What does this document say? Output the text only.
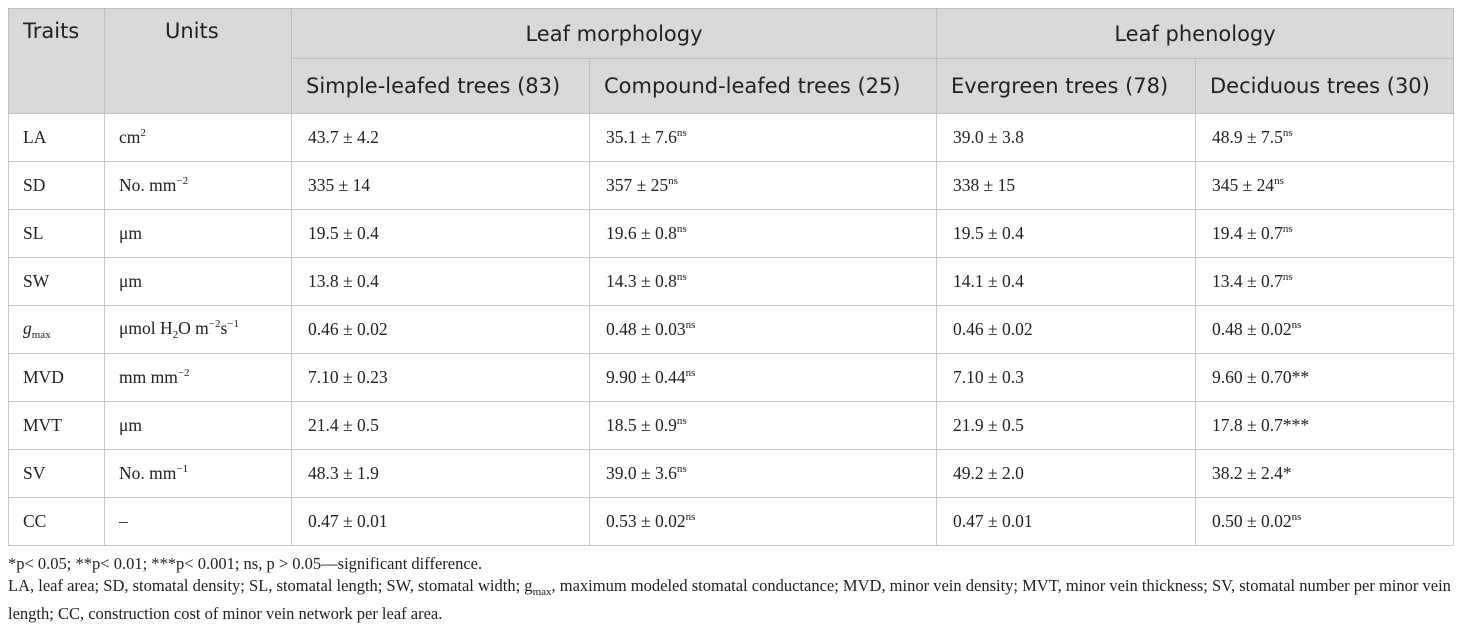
Traits	Units	Leaf morphology		Leaf phenology	
		Simple-leafed trees (83)	Compound-leafed trees (25)	Evergreen trees (78)	Deciduous trees (30)
LA	$cm^2$	43.7 ± 4.2	$35.1 \pm 7.6^{ns}$	39.0 ± 3.8	$48.9 \pm 7.5^{ns}$
SD	No. $mm^{-2}$	335 ± 14	$357 \pm 25^{ns}$	338 ± 15	$345 \pm 24^{ns}$
SL	μm	19.5 ± 0.4	$19.6 \pm 0.8^{ns}$	19.5 ± 0.4	$19.4 \pm 0.7^{ns}$
SW	μm	13.8 ± 0.4	$14.3 \pm 0.8^{ns}$	14.1 ± 0.4	$13.4 \pm 0.7^{ns}$
$g_{max}$	μmol $H_2O$ $m^{-2}s^{-1}$	0.46 ± 0.02	$0.48 \pm 0.03^{ns}$	0.46 ± 0.02	$0.48 \pm 0.02^{ns}$
MVD	mm $mm^{-2}$	7.10 ± 0.23	$9.90 \pm 0.44^{ns}$	7.10 ± 0.3	9.60 ± 0.70**
MVT	μm	21.4 ± 0.5	$18.5 \pm 0.9^{ns}$	21.9 ± 0.5	17.8 ± 0.7***
SV	No. $mm^{-1}$	48.3 ± 1.9	$39.0 \pm 3.6^{ns}$	49.2 ± 2.0	38.2 ± 2.4*
CC	–	0.47 ± 0.01	$0.53 \pm 0.02^{ns}$	0.47 ± 0.01	$0.50 \pm 0.02^{ns}$

*p< 0.05; **p< 0.01; ***p< 0.001; ns, p > 0.05—significant difference.

LA, leaf area; SD, stomatal density; SL, stomatal length; SW, stomatal width; $g_{max}$, maximum modeled stomatal conductance; MVD, minor vein density; MVT, minor vein thickness; SV, stomatal number per minor vein length; CC, construction cost of minor vein network per leaf area.
